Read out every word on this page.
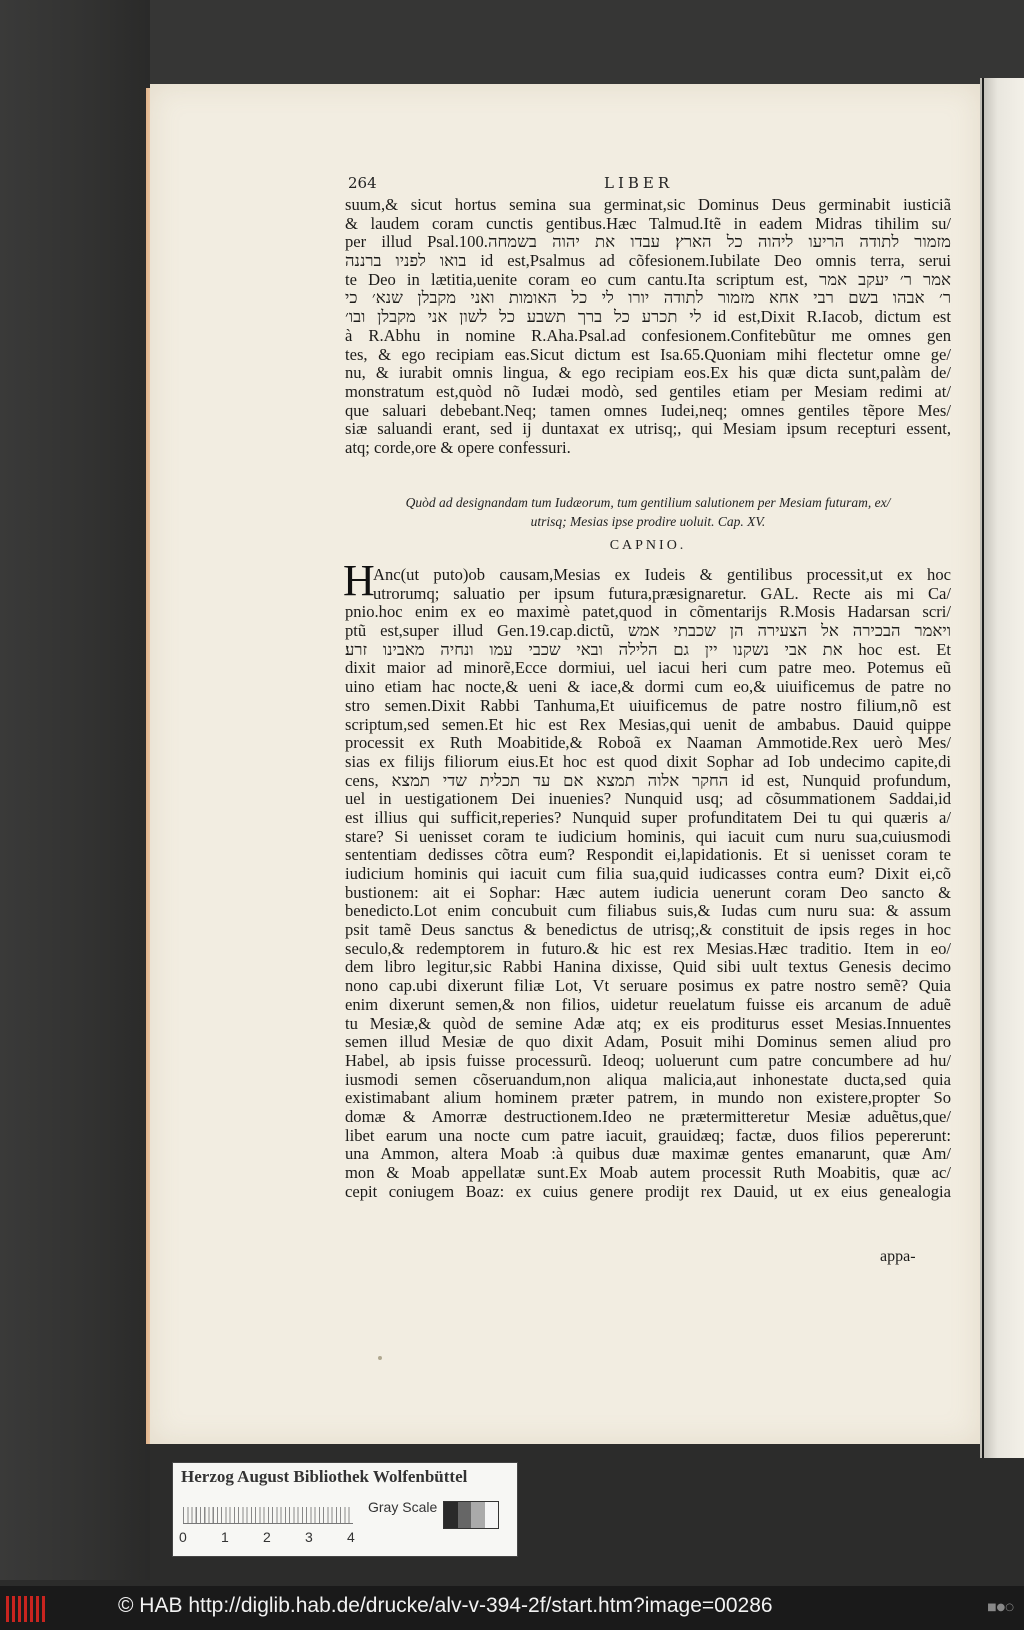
264	LIBER
suum,& sicut hortus semina sua germinat,sic Dominus Deus germinabit iusticiã
& laudem coram cunctis gentibus.Hæc Talmud.Itẽ in eadem Midras tihilim su/
per illud Psal.100.מזמור לתודה הריעו ליהוה כל הארץ׃ עבדו את יהוה בשמחה
בואו לפניו ברננה id est,Psalmus ad cõfesionem.Iubilate Deo omnis terra, serui
te Deo in lætitia,uenite coram eo cum cantu.Ita scriptum est, אמר ר׳ יעקב אמר
ר׳ אבהו בשם רבי אחא מזמור לתודה יורו לי כל האומות ואני מקבלן שנא׳ כי
לי תכרע כל ברך תשבע כל לשון אני מקבלן ובו׳ id est,Dixit R.Iacob, dictum est
à R.Abhu in nomine R.Aha.Psal.ad confesionem.Confitebũtur me omnes gen
tes, & ego recipiam eas.Sicut dictum est Isa.65.Quoniam mihi flectetur omne ge/
nu, & iurabit omnis lingua, & ego recipiam eos.Ex his quæ dicta sunt,palàm de/
monstratum est,quòd nõ Iudæi modò, sed gentiles etiam per Mesiam redimi at/
que saluari debebant.Neq; tamen omnes Iudei,neq; omnes gentiles tẽpore Mes/
siæ saluandi erant, sed ij duntaxat ex utrisq;, qui Mesiam ipsum recepturi essent,
atq; corde,ore & opere confessuri.
Quòd ad designandam tum Iudæorum, tum gentilium salutionem per Mesiam futuram, ex/
utrisq; Mesias ipse prodire uoluit. Cap. XV.
CAPNIO.
H
Anc(ut puto)ob causam,Mesias ex Iudeis & gentilibus processit,ut ex hoc
utrorumq; saluatio per ipsum futura,præsignaretur. GAL. Recte ais mi Ca/
pnio.hoc enim ex eo maximè patet,quod in cõmentarijs R.Mosis Hadarsan scri/
ptũ est,super illud Gen.19.cap.dictũ, ויאמר הבכירה אל הצעירה הן שכבתי אמש
את אבי נשקנו יין גם הלילה ובאי שכבי עמו ונחיה מאבינו זרע׃ hoc est. Et
dixit maior ad minorẽ,Ecce dormiui, uel iacui heri cum patre meo. Potemus eũ
uino etiam hac nocte,& ueni & iace,& dormi cum eo,& uiuificemus de patre no
stro semen.Dixit Rabbi Tanhuma,Et uiuificemus de patre nostro filium,nõ est
scriptum,sed semen.Et hic est Rex Mesias,qui uenit de ambabus. Dauid quippe
processit ex Ruth Moabitide,& Roboã ex Naaman Ammotide.Rex uerò Mes/
sias ex filijs filiorum eius.Et hoc est quod dixit Sophar ad Iob undecimo capite,di
cens, החקר אלוה תמצא אם עד תכלית שדי תמצא id est, Nunquid profundum,
uel in uestigationem Dei inuenies? Nunquid usq; ad cõsummationem Saddai,id
est illius qui sufficit,reperies? Nunquid super profunditatem Dei tu qui quæris a/
stare? Si uenisset coram te iudicium hominis, qui iacuit cum nuru sua,cuiusmodi
sententiam dedisses cõtra eum? Respondit ei,lapidationis. Et si uenisset coram te
iudicium hominis qui iacuit cum filia sua,quid iudicasses contra eum? Dixit ei,cõ
bustionem: ait ei Sophar: Hæc autem iudicia uenerunt coram Deo sancto &
benedicto.Lot enim concubuit cum filiabus suis,& Iudas cum nuru sua: & assum
psit tamẽ Deus sanctus & benedictus de utrisq;,& constituit de ipsis reges in hoc
seculo,& redemptorem in futuro.& hic est rex Mesias.Hæc traditio. Item in eo/
dem libro legitur,sic Rabbi Hanina dixisse, Quid sibi uult textus Genesis decimo
nono cap.ubi dixerunt filiæ Lot, Vt seruare posimus ex patre nostro semẽ? Quia
enim dixerunt semen,& non filios, uidetur reuelatum fuisse eis arcanum de aduẽ
tu Mesiæ,& quòd de semine Adæ atq; ex eis proditurus esset Mesias.Innuentes
semen illud Mesiæ de quo dixit Adam, Posuit mihi Dominus semen aliud pro
Habel, ab ipsis fuisse processurũ. Ideoq; uoluerunt cum patre concumbere ad hu/
iusmodi semen cõseruandum,non aliqua malicia,aut inhonestate ducta,sed quia
existimabant alium hominem præter patrem, in mundo non existere,propter So
domæ & Amorræ destructionem.Ideo ne prætermitteretur Mesiæ aduẽtus,que/
libet earum una nocte cum patre iacuit, grauidæq; factæ, duos filios pepererunt:
una Ammon, altera Moab :à quibus duæ maximæ gentes emanarunt, quæ Am/
mon & Moab appellatæ sunt.Ex Moab autem processit Ruth Moabitis, quæ ac/
cepit coniugem Boaz: ex cuius genere prodijt rex Dauid, ut ex eius genealogia
appa-
Herzog August Bibliothek Wolfenbüttel
0 1 2 3 4
Gray Scale
© HAB http://diglib.hab.de/drucke/alv-v-394-2f/start.htm?image=00286	■●○
